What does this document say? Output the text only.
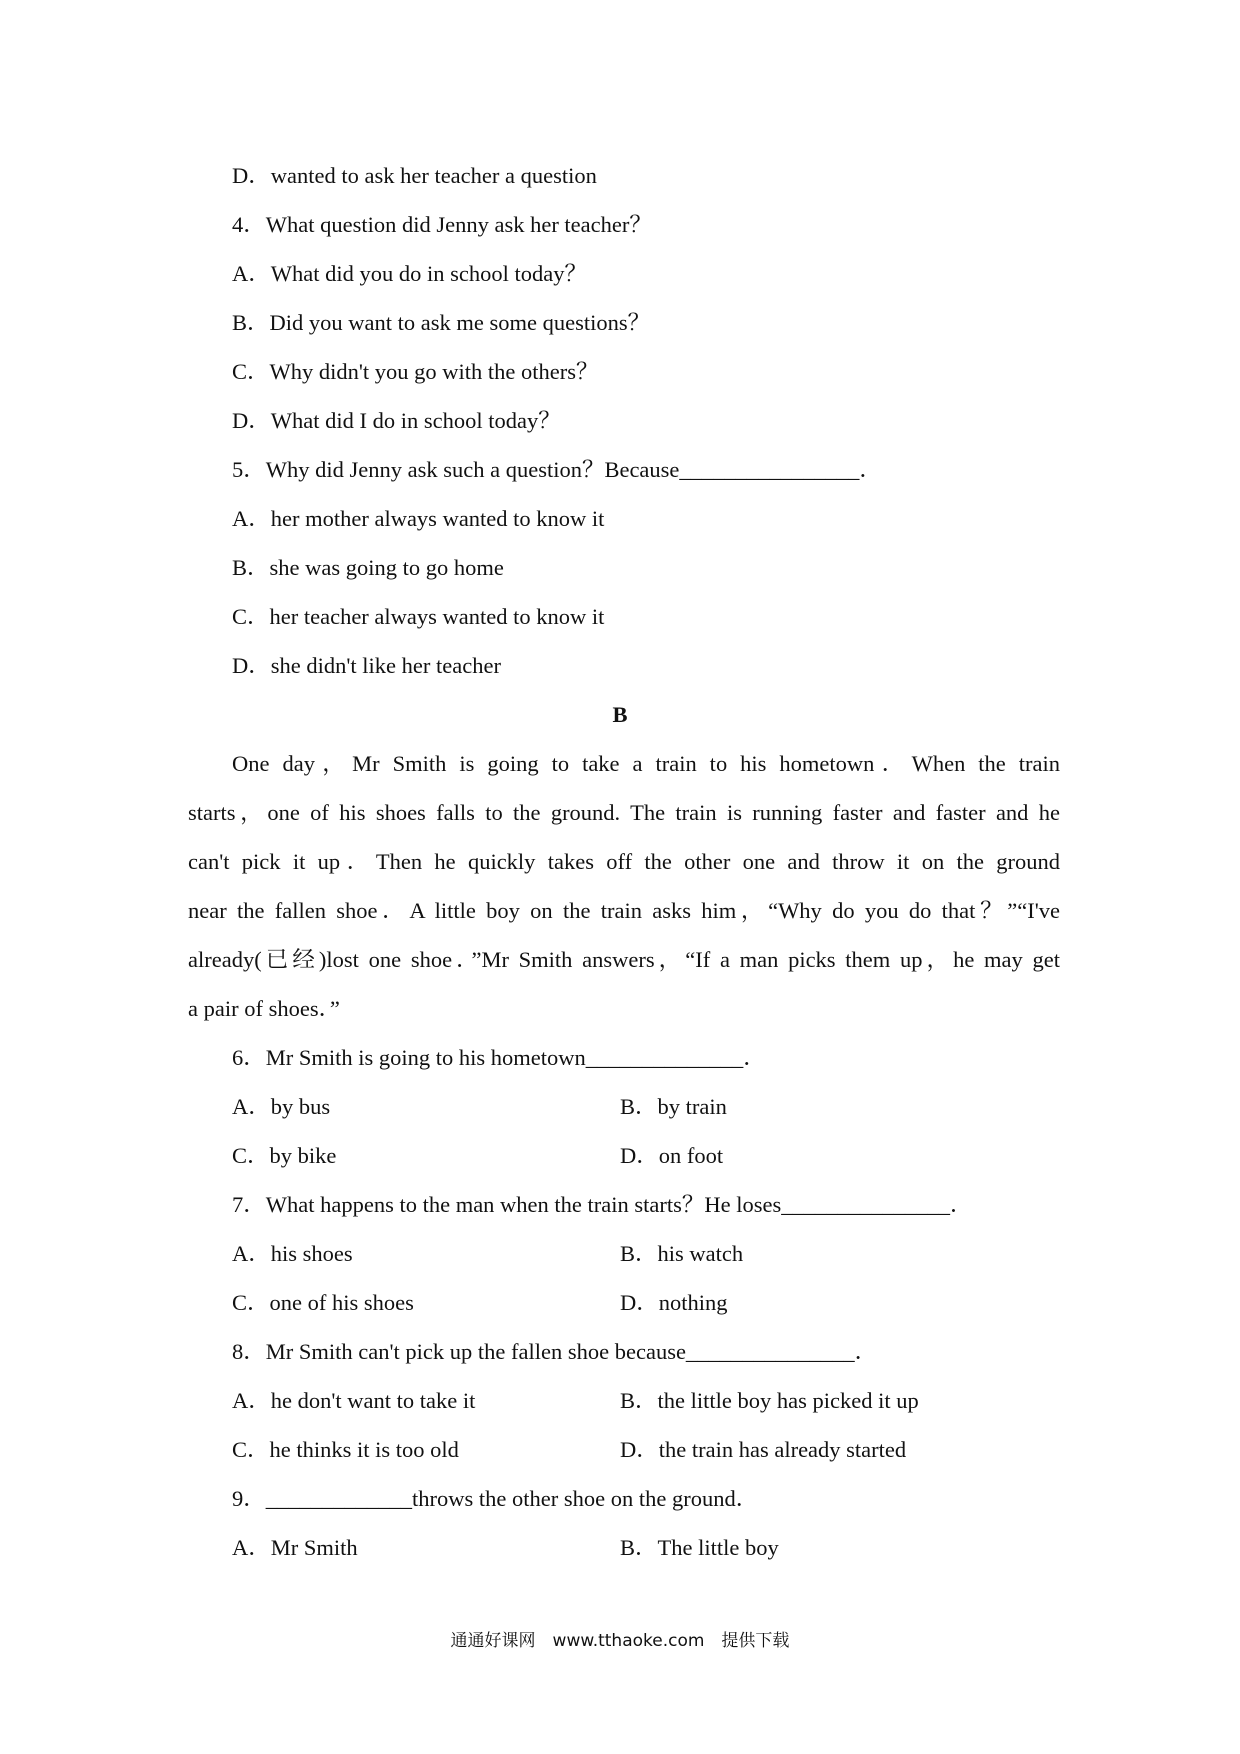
D．wanted to ask her teacher a question
4．What question did Jenny ask her teacher？
A．What did you do in school today？
B．Did you want to ask me some questions？
C．Why didn't you go with the others？
D．What did I do in school today？
5．Why did Jenny ask such a question？Because________________．
A．her mother always wanted to know it
B．she was going to go home
C．her teacher always wanted to know it
D．she didn't like her teacher
B
One day，Mr Smith is going to take a train to his hometown．When the train
starts，one of his shoes falls to the ground. The train is running faster and faster and he
can't pick it up．Then he quickly takes off the other one and throw it on the ground
near the fallen shoe．A little boy on the train asks him，“Why do you do that？”“I've
already(已经)lost one shoe．”Mr Smith answers，“If a man picks them up，he may get
a pair of shoes．”
6．Mr Smith is going to his hometown______________．
A．by bus	B．by train
C．by bike	D．on foot
7．What happens to the man when the train starts？He loses_______________．
A．his shoes	B．his watch
C．one of his shoes	D．nothing
8．Mr Smith can't pick up the fallen shoe because_______________．
A．he don't want to take it	B．the little boy has picked it up
C．he thinks it is too old	D．the train has already started
9．_____________throws the other shoe on the ground．
A．Mr Smith	B．The little boy
通通好课网　www.tthaoke.com　提供下载
